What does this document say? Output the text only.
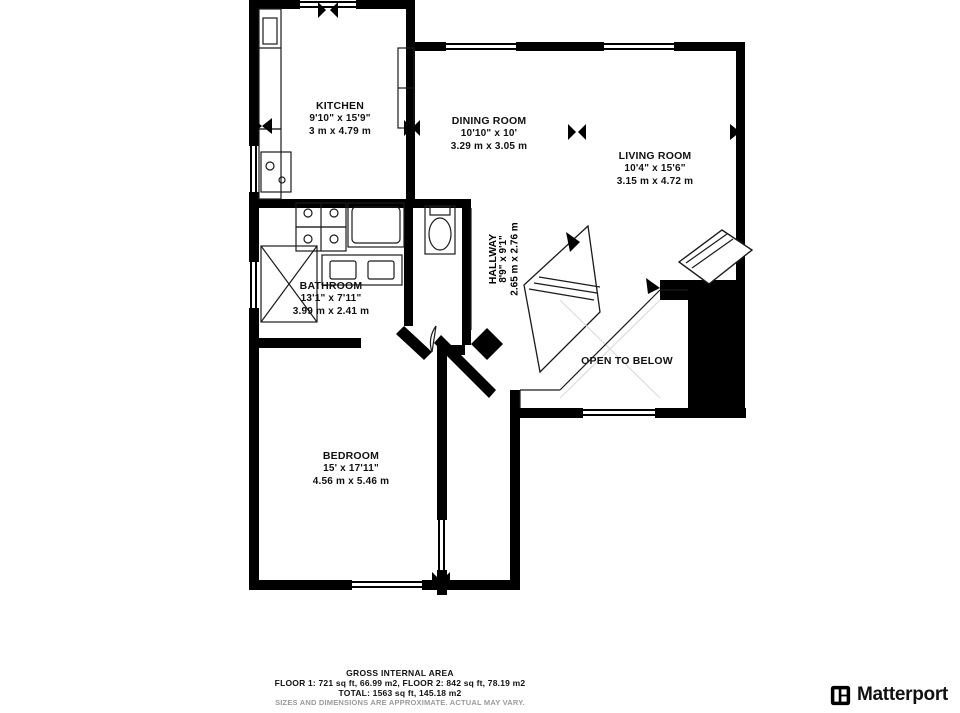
KITCHEN
9'10" x 15'9"
3 m x 4.79 m
DINING ROOM
10'10" x 10'
3.29 m x 3.05 m
LIVING ROOM
10'4" x 15'6"
3.15 m x 4.72 m
BATHROOM
13'1" x 7'11"
3.99 m x 2.41 m
BEDROOM
15' x 17'11"
4.56 m x 5.46 m
HALLWAY
8'9" x 9'1" 2.65 m x 2.76 m
OPEN TO BELOW
GROSS INTERNAL AREA
FLOOR 1: 721 sq ft, 66.99 m2, FLOOR 2: 842 sq ft, 78.19 m2
TOTAL: 1563 sq ft, 145.18 m2
SIZES AND DIMENSIONS ARE APPROXIMATE. ACTUAL MAY VARY.	Matterport
